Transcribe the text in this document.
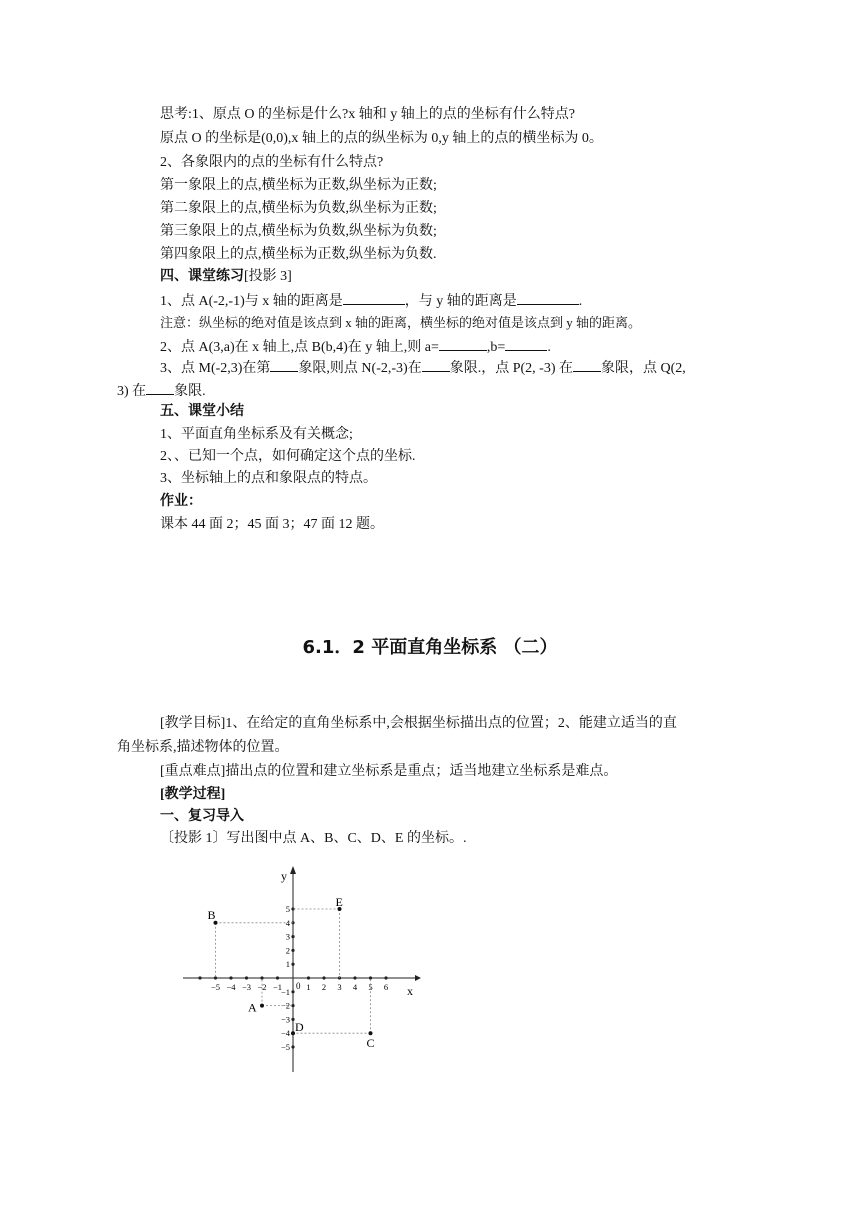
思考:1、原点 O 的坐标是什么?x 轴和 y 轴上的点的坐标有什么特点?
原点 O 的坐标是(0,0),x 轴上的点的纵坐标为 0,y 轴上的点的横坐标为 0。
2、各象限内的点的坐标有什么特点?
第一象限上的点,横坐标为正数,纵坐标为正数;
第二象限上的点,横坐标为负数,纵坐标为正数;
第三象限上的点,横坐标为负数,纵坐标为负数;
第四象限上的点,横坐标为正数,纵坐标为负数.
四、课堂练习[投影 3]
1、点 A(-2,-1)与 x 轴的距离是	，与 y 轴的距离是	.
注意：纵坐标的绝对值是该点到 x 轴的距离，横坐标的绝对值是该点到 y 轴的距离。
2、点 A(3,a)在 x 轴上,点 B(b,4)在 y 轴上,则 a=	,b=	.
3、点 M(-2,3)在第 象限,则点 N(-2,-3)在 象限.，点 P(2, -3) 在 象限，点 Q(2,
3) 在 象限.
五、课堂小结
1、平面直角坐标系及有关概念;
2、、已知一个点，如何确定这个点的坐标.
3、坐标轴上的点和象限点的特点。
作业：
课本 44 面 2；45 面 3；47 面 12 题。
6.1．2 平面直角坐标系 （二）
[教学目标]1、在给定的直角坐标系中,会根据坐标描出点的位置；2、能建立适当的直
角坐标系,描述物体的位置。
[重点难点]描出点的位置和建立坐标系是重点；适当地建立坐标系是难点。
[教学过程]
一、复习导入
〔投影 1〕写出图中点 A、B、C、D、E 的坐标。.
x
y
0
−5 −4 −3 −2 −1	1 2 3 4 5 6
5
4
3
2
1
−1
−2
−3
−4
−5
A
B
C
D
E
